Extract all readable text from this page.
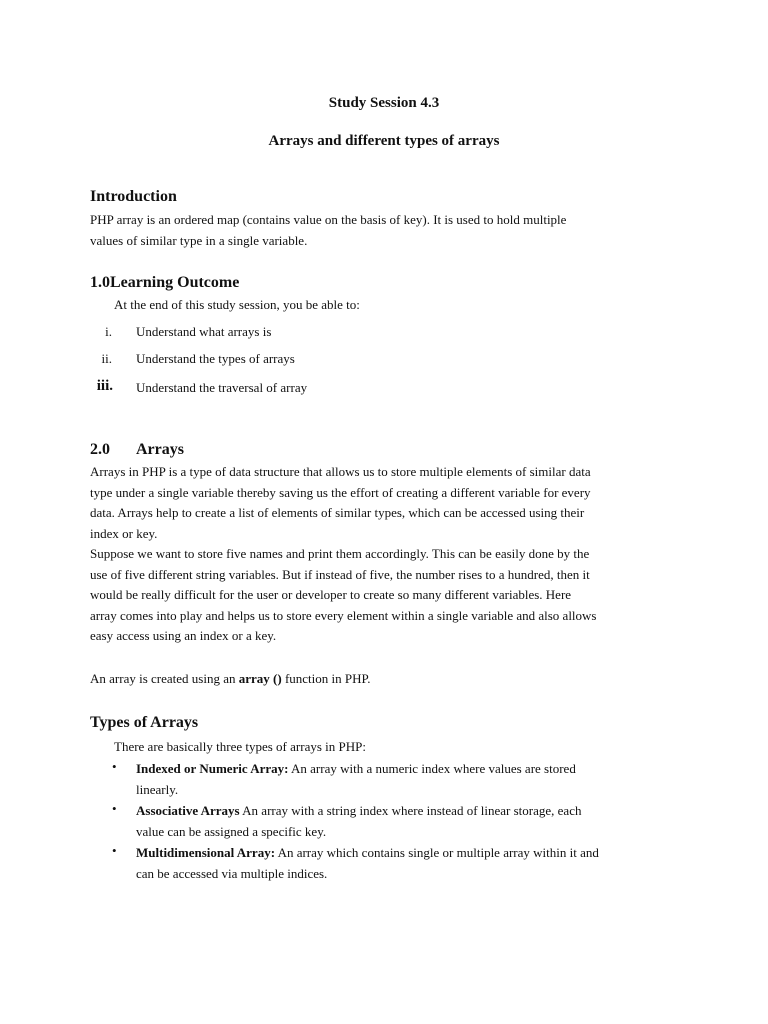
Study Session 4.3
Arrays and different types of arrays
Introduction
PHP array is an ordered map (contains value on the basis of key). It is used to hold multiple
values of similar type in a single variable.
1.0Learning Outcome
At the end of this study session, you be able to:
i. Understand what arrays is
ii. Understand the types of arrays
iii. Understand the traversal of array
2.0 Arrays
Arrays in PHP is a type of data structure that allows us to store multiple elements of similar data
type under a single variable thereby saving us the effort of creating a different variable for every
data. Arrays help to create a list of elements of similar types, which can be accessed using their
index or key.
Suppose we want to store five names and print them accordingly. This can be easily done by the
use of five different string variables. But if instead of five, the number rises to a hundred, then it
would be really difficult for the user or developer to create so many different variables. Here
array comes into play and helps us to store every element within a single variable and also allows
easy access using an index or a key.
An array is created using an array () function in PHP.
Types of Arrays
There are basically three types of arrays in PHP:
• Indexed or Numeric Array: An array with a numeric index where values are stored
linearly.
• Associative Arrays An array with a string index where instead of linear storage, each
value can be assigned a specific key.
• Multidimensional Array: An array which contains single or multiple array within it and
can be accessed via multiple indices.
